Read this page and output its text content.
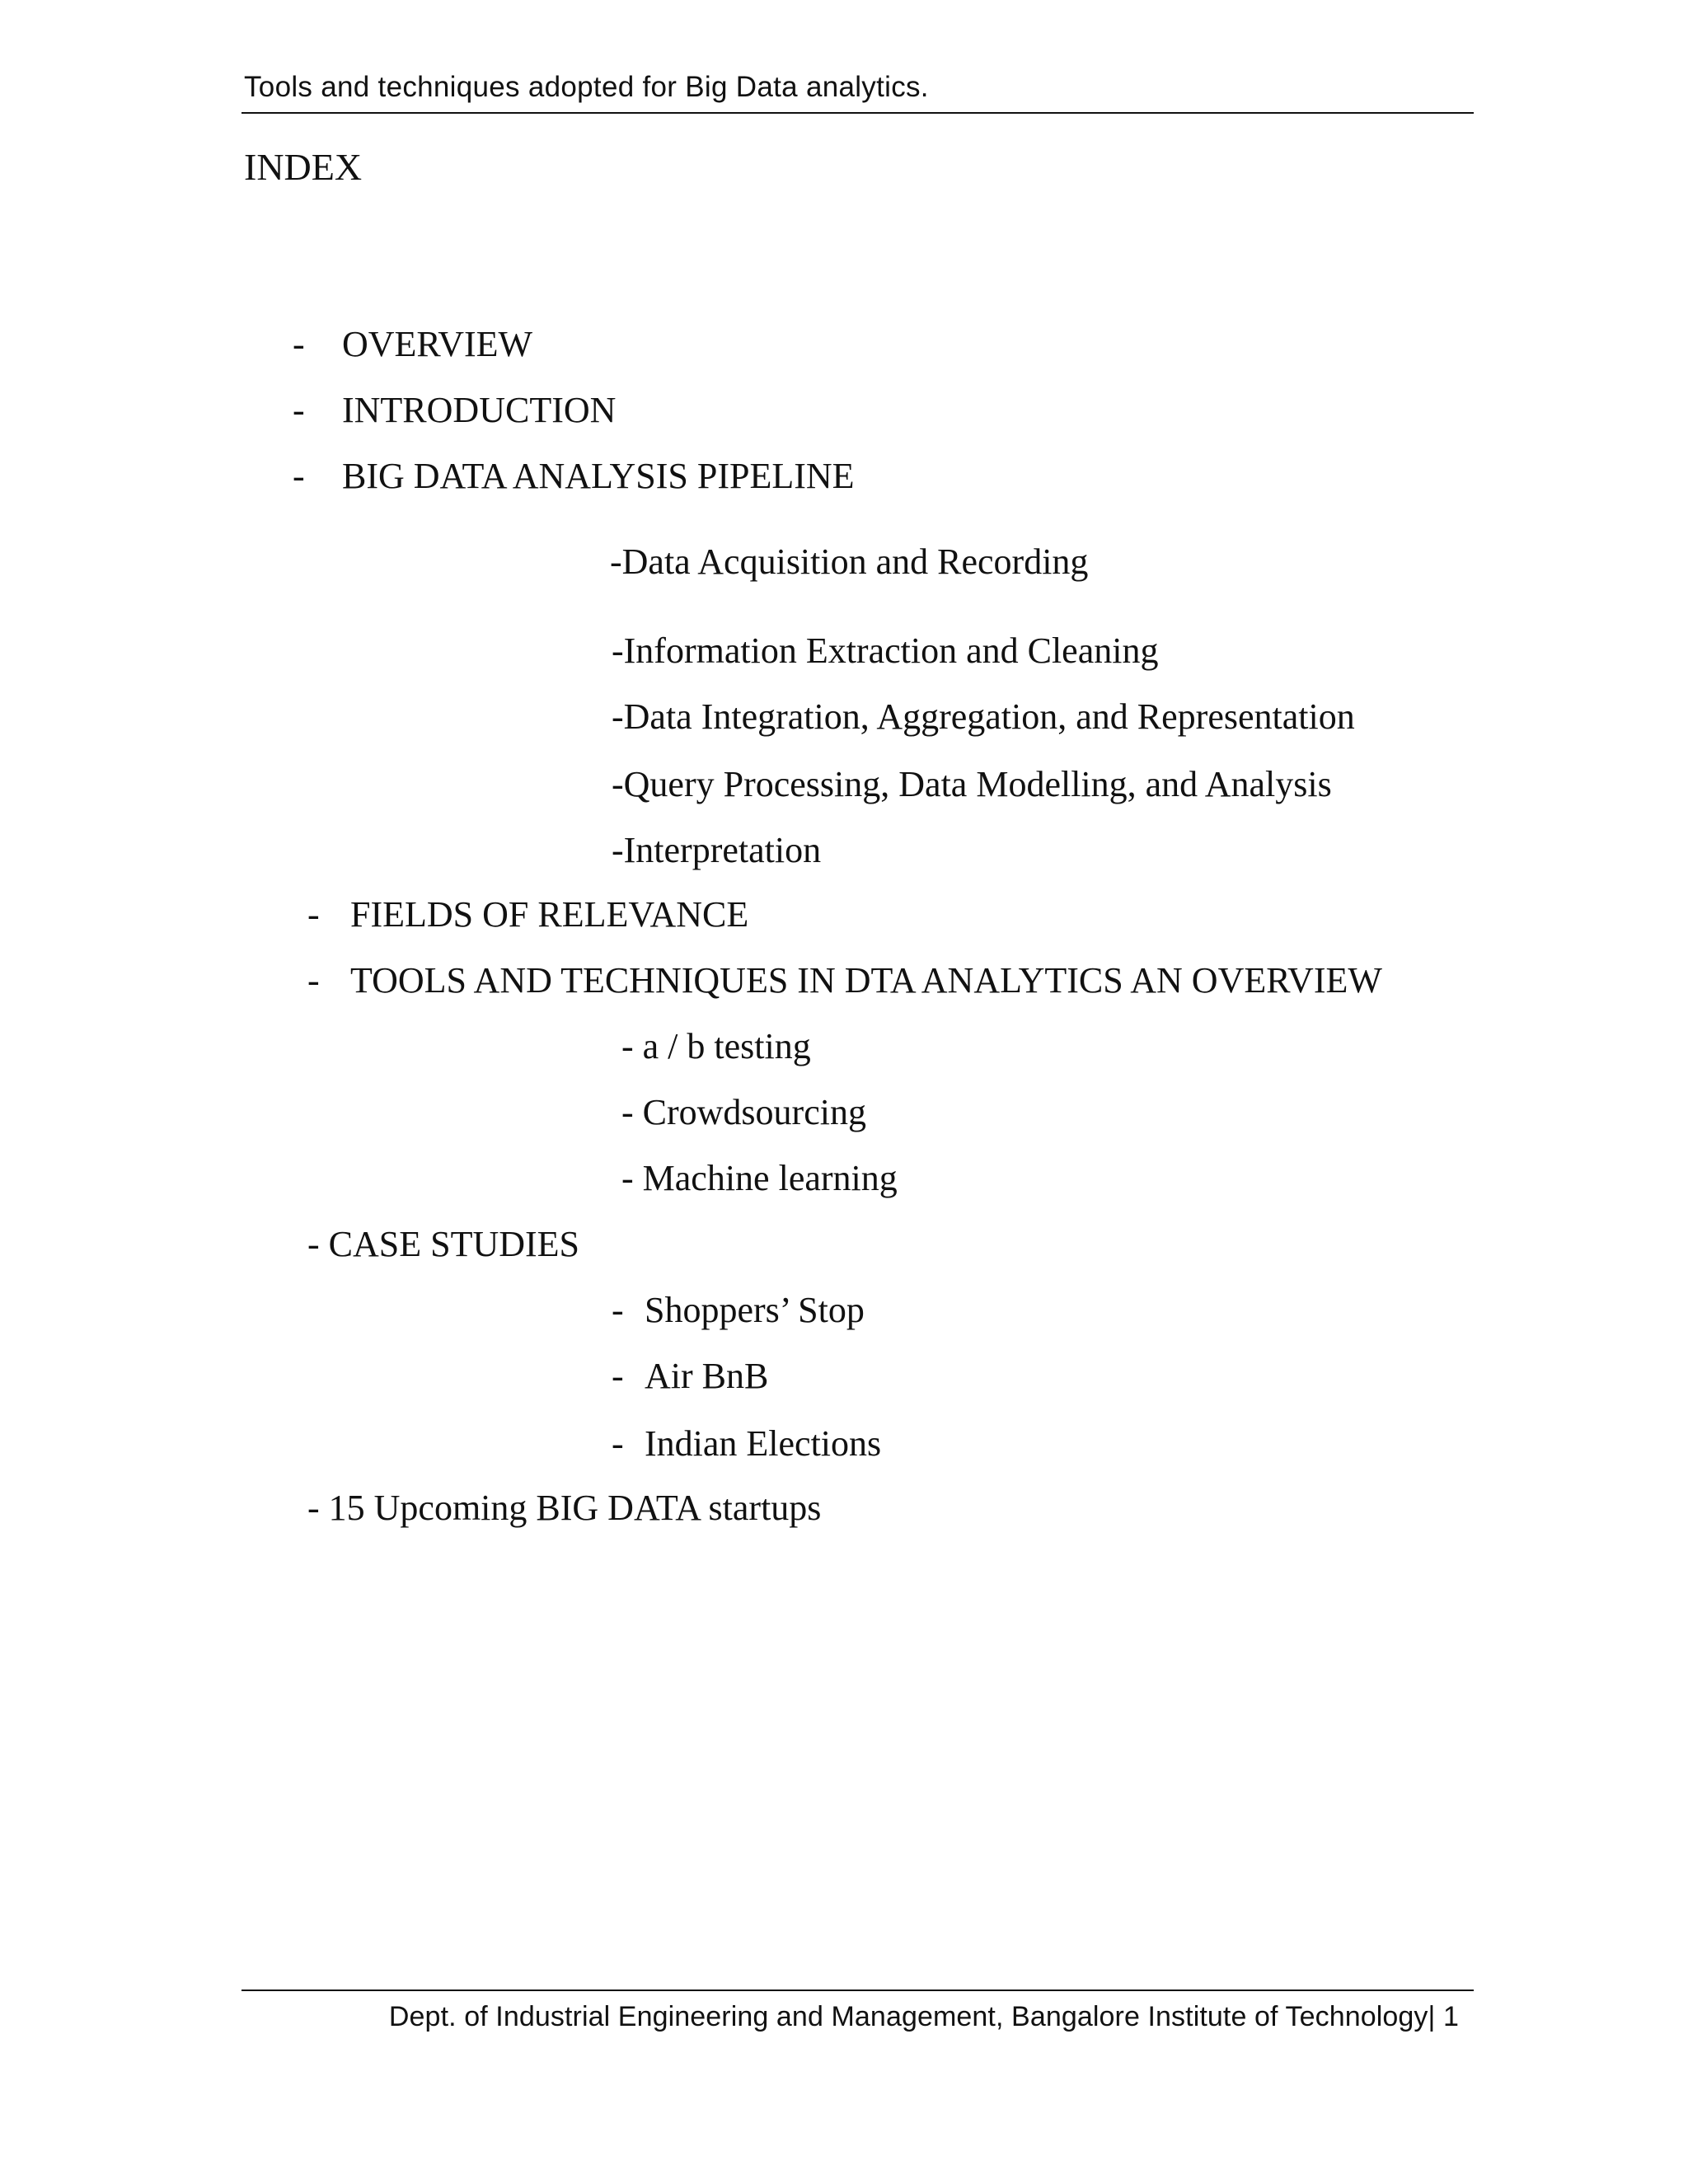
Tools and techniques adopted for Big Data analytics.
INDEX
- OVERVIEW
- INTRODUCTION
- BIG DATA ANALYSIS PIPELINE
-Data Acquisition and Recording
-Information Extraction and Cleaning
-Data Integration, Aggregation, and Representation
-Query Processing, Data Modelling, and Analysis
-Interpretation
- FIELDS OF RELEVANCE
- TOOLS AND TECHNIQUES IN DTA ANALYTICS AN OVERVIEW
- a / b testing
- Crowdsourcing
- Machine learning
- CASE STUDIES
- Shoppers’ Stop
- Air BnB
- Indian Elections
- 15 Upcoming BIG DATA startups
Dept. of Industrial Engineering and Management, Bangalore Institute of Technology| 1
